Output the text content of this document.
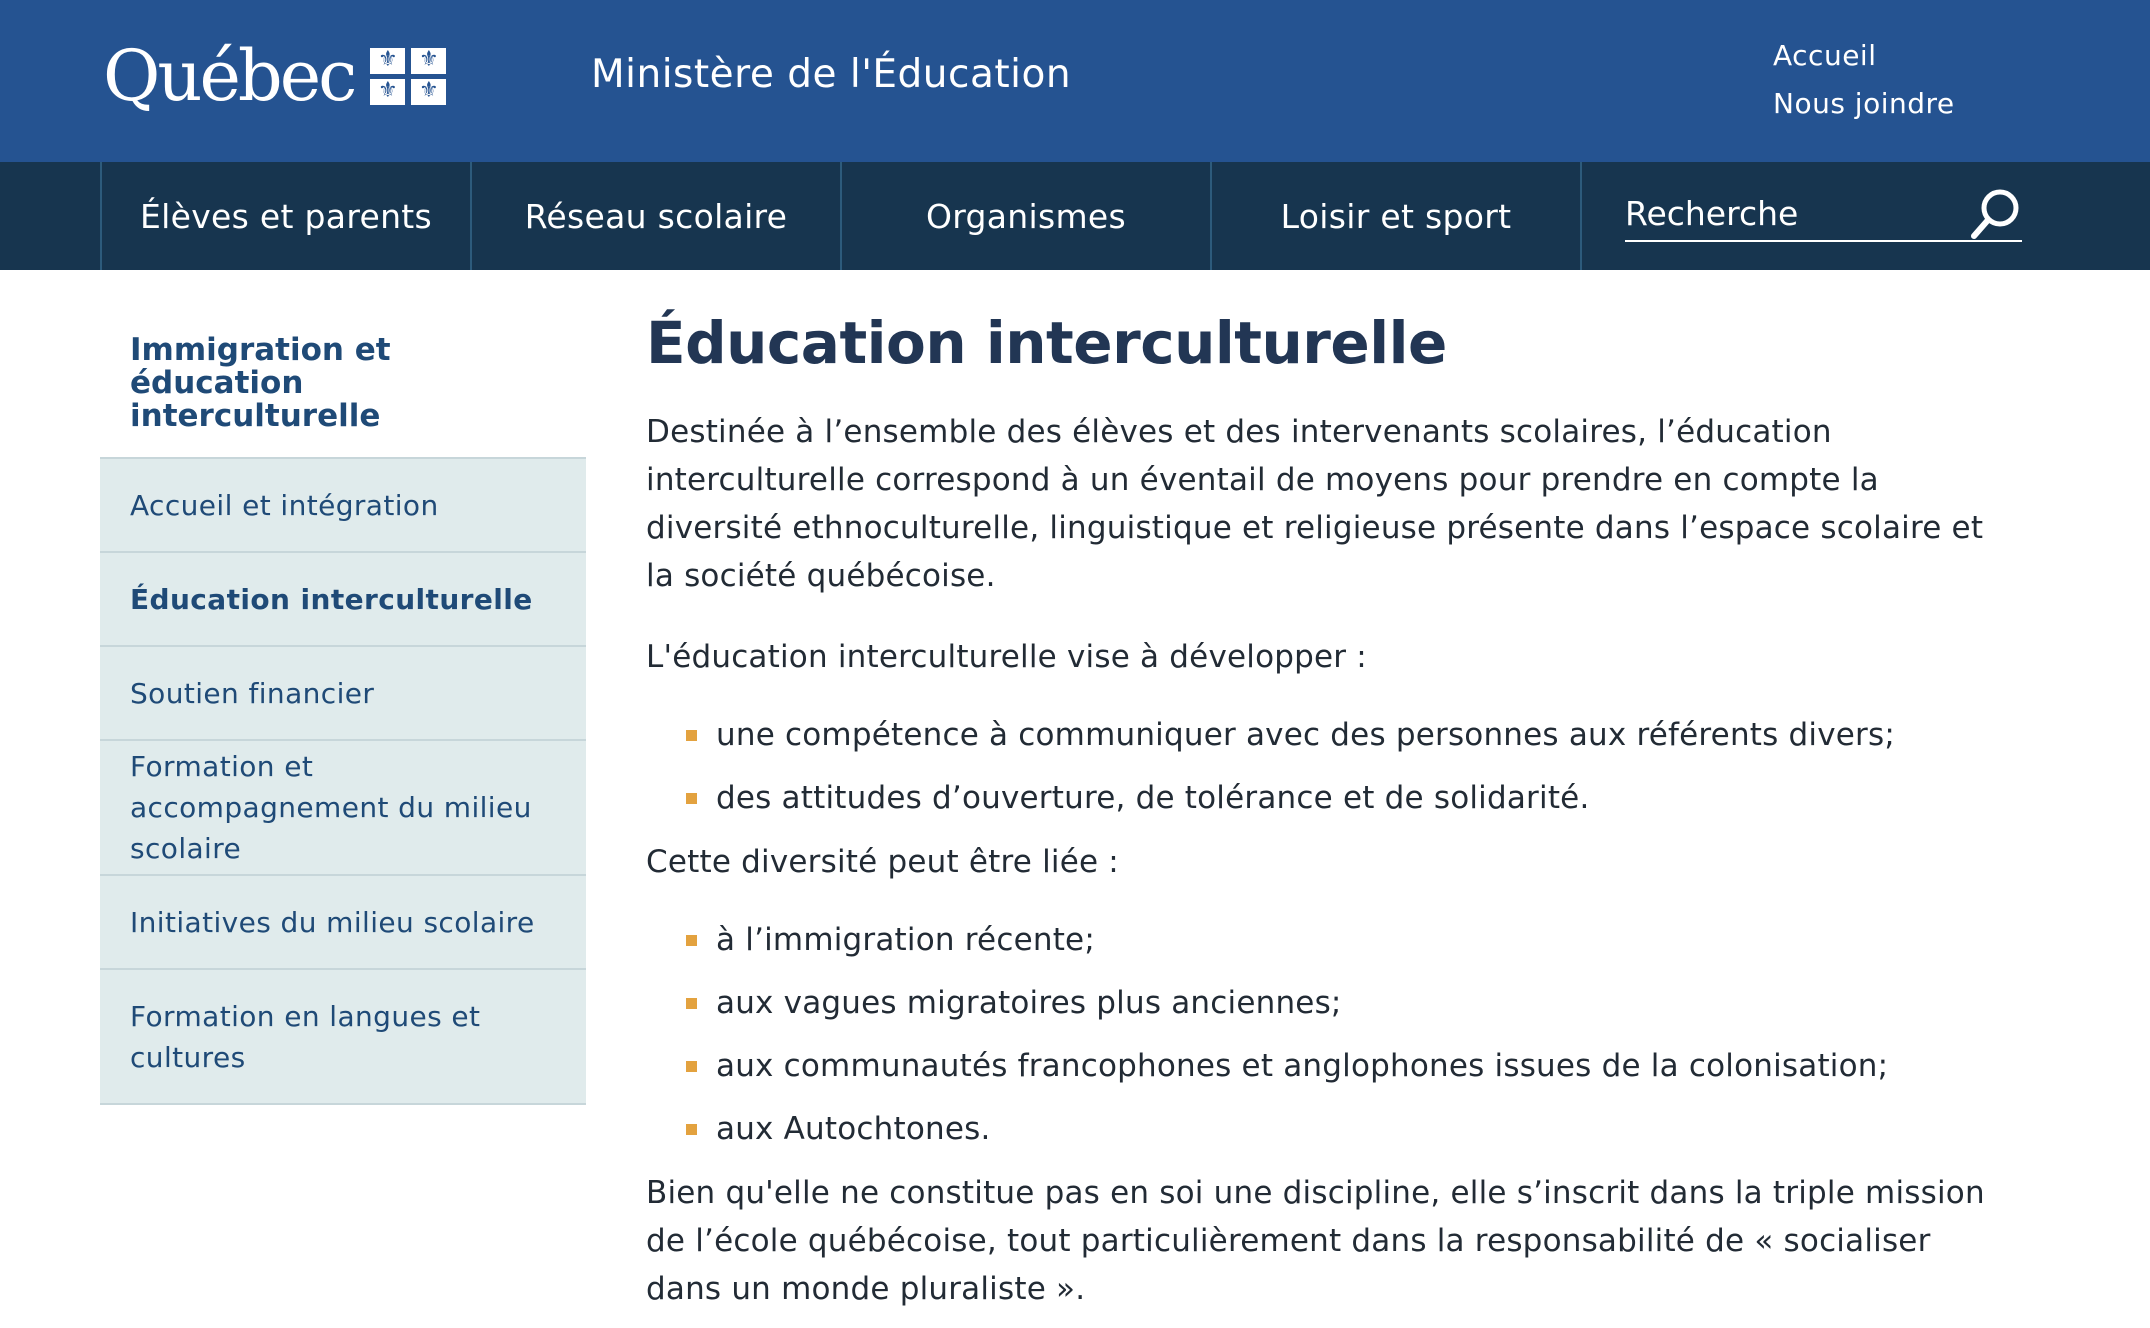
Québec ⚜ ⚜ ⚜ ⚜	Ministère de l'Éducation	Accueil
Nous joindre
Élèves et parents	Réseau scolaire	Organismes	Loisir et sport
Recherche
Immigration et éducation interculturelle
Accueil et intégration
Éducation interculturelle
Soutien financier
Formation et accompagnement du milieu scolaire
Initiatives du milieu scolaire
Formation en langues et cultures
Éducation interculturelle

Destinée à l’ensemble des élèves et des intervenants scolaires, l’éducation interculturelle correspond à un éventail de moyens pour prendre en compte la diversité ethnoculturelle, linguistique et religieuse présente dans l’espace scolaire et la société québécoise.

L'éducation interculturelle vise à développer :

une compétence à communiquer avec des personnes aux référents divers;
des attitudes d’ouverture, de tolérance et de solidarité.

Cette diversité peut être liée :

à l’immigration récente;
aux vagues migratoires plus anciennes;
aux communautés francophones et anglophones issues de la colonisation;
aux Autochtones.

Bien qu'elle ne constitue pas en soi une discipline, elle s’inscrit dans la triple mission de l’école québécoise, tout particulièrement dans la responsabilité de « socialiser dans un monde pluraliste ».
